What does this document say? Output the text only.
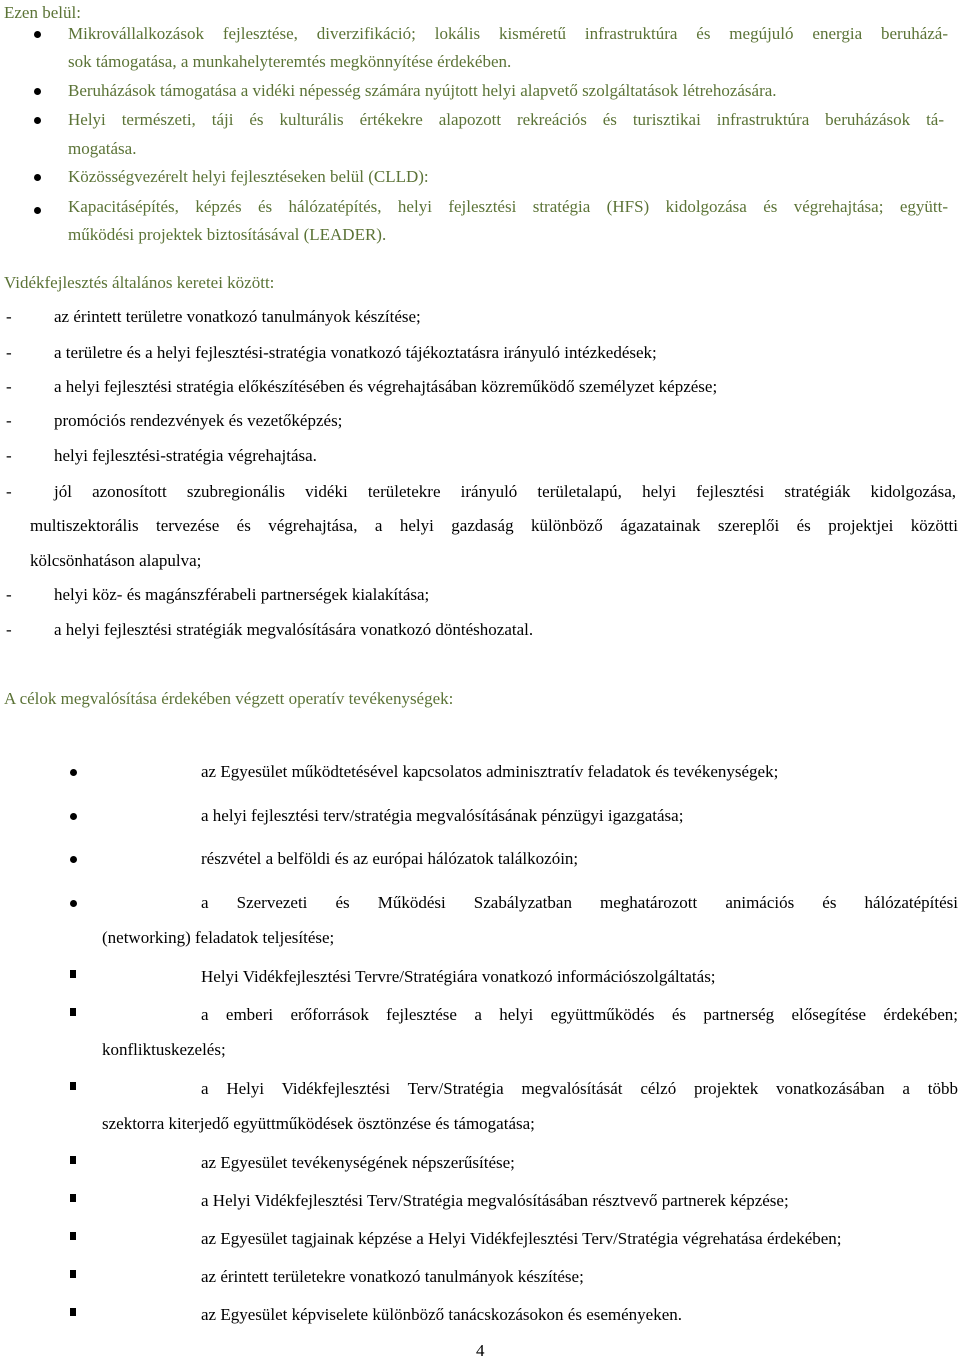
Ezen belül:
Mikrovállalkozások fejlesztése, diverzifikáció; lokális kisméretű infrastruktúra és megújuló energia beruházá-
sok támogatása, a munkahelyteremtés megkönnyítése érdekében.
Beruházások támogatása a vidéki népesség számára nyújtott helyi alapvető szolgáltatások létrehozására.
Helyi természeti, táji és kulturális értékekre alapozott rekreációs és turisztikai infrastruktúra beruházások tá-
mogatása.
Közösségvezérelt helyi fejlesztéseken belül (CLLD):
Kapacitásépítés, képzés és hálózatépítés, helyi fejlesztési stratégia (HFS) kidolgozása és végrehajtása; együtt-
működési projektek biztosításával (LEADER).
Vidékfejlesztés általános keretei között:
- az érintett területre vonatkozó tanulmányok készítése;
- a területre és a helyi fejlesztési-stratégia vonatkozó tájékoztatásra irányuló intézkedések;
- a helyi fejlesztési stratégia előkészítésében és végrehajtásában közreműködő személyzet képzése;
- promóciós rendezvények és vezetőképzés;
- helyi fejlesztési-stratégia végrehajtása.
- jól azonosított szubregionális vidéki területekre irányuló területalapú, helyi fejlesztési stratégiák kidolgozása,
multiszektorális tervezése és végrehajtása, a helyi gazdaság különböző ágazatainak szereplői és projektjei közötti
kölcsönhatáson alapulva;
- helyi köz- és magánszférabeli partnerségek kialakítása;
- a helyi fejlesztési stratégiák megvalósítására vonatkozó döntéshozatal.
A célok megvalósítása érdekében végzett operatív tevékenységek:
az Egyesület működtetésével kapcsolatos adminisztratív feladatok és tevékenységek;
a helyi fejlesztési terv/stratégia megvalósításának pénzügyi igazgatása;
részvétel a belföldi és az európai hálózatok találkozóin;
a Szervezeti és Működési Szabályzatban meghatározott animációs és hálózatépítési
(networking) feladatok teljesítése;
Helyi Vidékfejlesztési Tervre/Stratégiára vonatkozó információszolgáltatás;
a emberi erőforrások fejlesztése a helyi együttműködés és partnerség elősegítése érdekében;
konfliktuskezelés;
a Helyi Vidékfejlesztési Terv/Stratégia megvalósítását célzó projektek vonatkozásában a több
szektorra kiterjedő együttműködések ösztönzése és támogatása;
az Egyesület tevékenységének népszerűsítése;
a Helyi Vidékfejlesztési Terv/Stratégia megvalósításában résztvevő partnerek képzése;
az Egyesület tagjainak képzése a Helyi Vidékfejlesztési Terv/Stratégia végrehatása érdekében;
az érintett területekre vonatkozó tanulmányok készítése;
az Egyesület képviselete különböző tanácskozásokon és eseményeken.
4
